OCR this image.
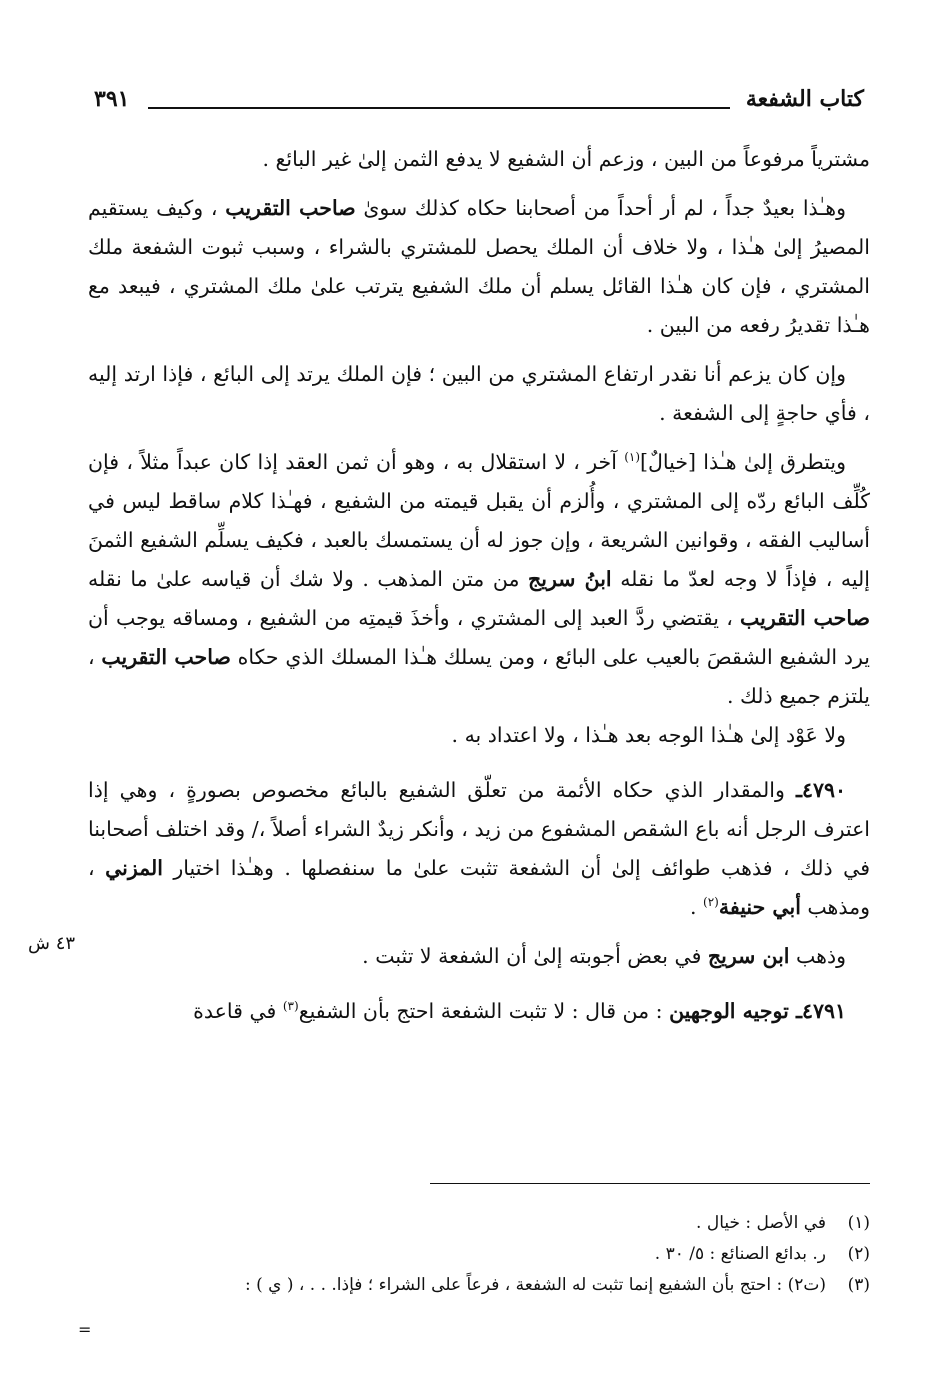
كتاب الشفعة
٣٩١

مشترياً مرفوعاً من البين ، وزعم أن الشفيع لا يدفع الثمن إلىٰ غير البائع .

وهـٰذا بعيدٌ جداً ، لم أر أحداً من أصحابنا حكاه كذلك سوىٰ صاحب التقريب ، وكيف يستقيم المصيرُ إلىٰ هـٰذا ، ولا خلاف أن الملك يحصل للمشتري بالشراء ، وسبب ثبوت الشفعة ملك المشتري ، فإن كان هـٰذا القائل يسلم أن ملك الشفيع يترتب علىٰ ملك المشتري ، فيبعد مع هـٰذا تقديرُ رفعه من البين .

وإن كان يزعم أنا نقدر ارتفاع المشتري من البين ؛ فإن الملك يرتد إلى البائع ، فإذا ارتد إليه ، فأي حاجةٍ إلى الشفعة .

ويتطرق إلىٰ هـٰذا [خيالٌ]$^{(١)}$ آخر ، لا استقلال به ، وهو أن ثمن العقد إذا كان عبداً مثلاً ، فإن كُلِّف البائع ردّه إلى المشتري ، وأُلزم أن يقبل قيمته من الشفيع ، فهـٰذا كلام ساقط ليس في أساليب الفقه ، وقوانين الشريعة ، وإن جوز له أن يستمسك بالعبد ، فكيف يسلِّم الشفيع الثمنَ إليه ، فإذاً لا وجه لعدّ ما نقله ابنُ سريج من متن المذهب . ولا شك أن قياسه علىٰ ما نقله صاحب التقريب ، يقتضي ردَّ العبد إلى المشتري ، وأخذَ قيمتِه من الشفيع ، ومساقه يوجب أن يرد الشفيع الشقصَ بالعيب على البائع ، ومن يسلك هـٰذا المسلك الذي حكاه صاحب التقريب ، يلتزم جميع ذلك .

ولا عَوْد إلىٰ هـٰذا الوجه بعد هـٰذا ، ولا اعتداد به .

٤٧٩٠ـ والمقدار الذي حكاه الأئمة من تعلّق الشفيع بالبائع مخصوص بصورةٍ ، وهي إذا اعترف الرجل أنه باع الشقص المشفوع من زيد ، وأنكر زيدٌ الشراء أصلاً ،/ وقد اختلف أصحابنا في ذلك ، فذهب طوائف إلىٰ أن الشفعة تثبت علىٰ ما سنفصلها . وهـٰذا اختيار المزني ، ومذهب أبي حنيفة$^{(٢)}$ .

وذهب ابن سريج في بعض أجوبته إلىٰ أن الشفعة لا تثبت .

٤٧٩١ـ توجيه الوجهين : من قال : لا تثبت الشفعة احتج بأن الشفيع$^{(٣)}$ في قاعدة

٤٣ ش
(١)في الأصل : خيال .
(٢)ر. بدائع الصنائع : ٥/ ٣٠ .
(٣)(ت٢) : احتج بأن الشفيع إنما تثبت له الشفعة ، فرعاً على الشراء ؛ فإذا. . . ، ( ي ) :
=
